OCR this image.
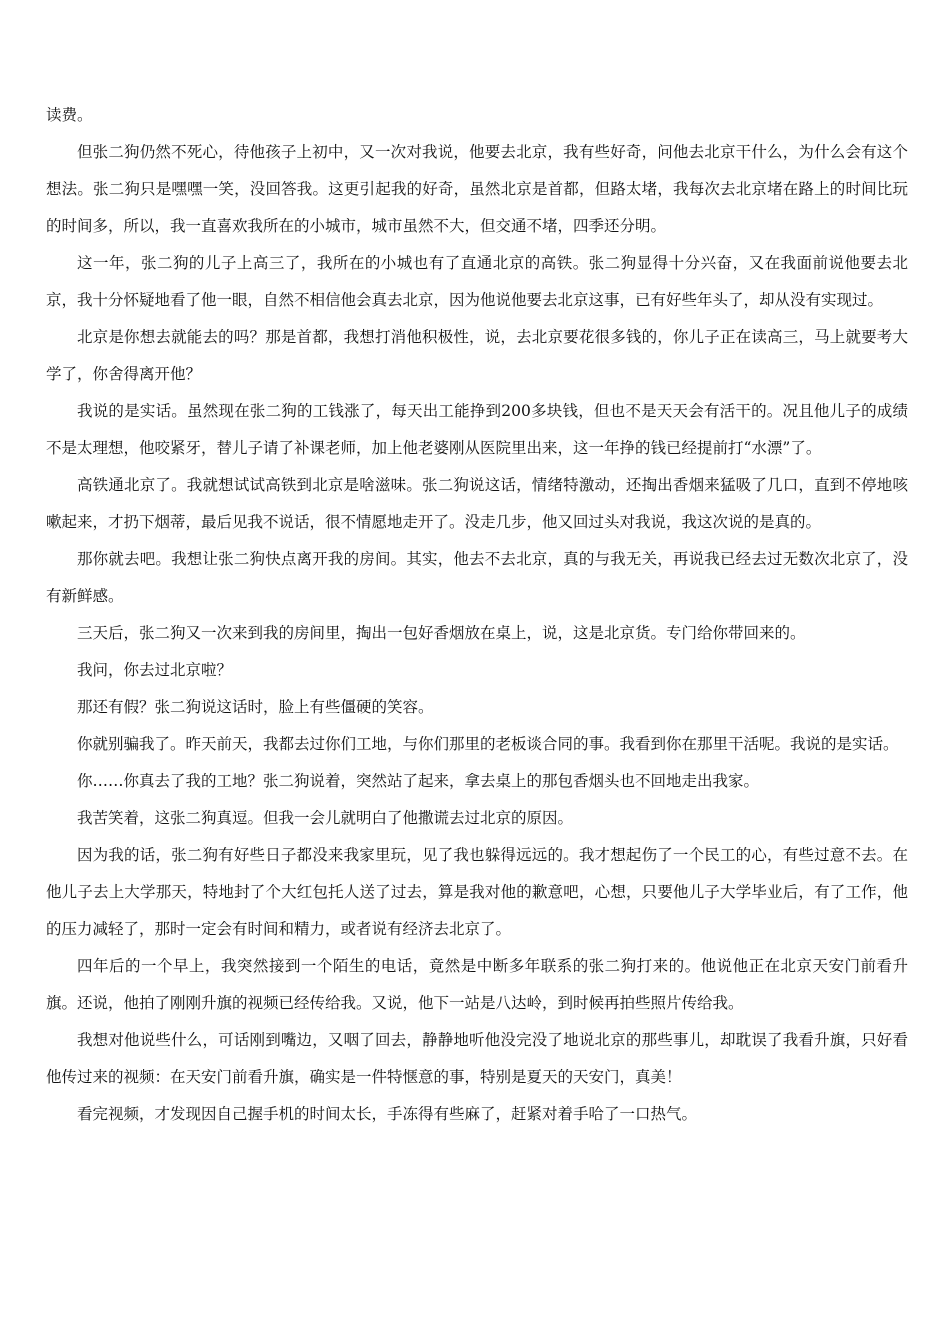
读费。

但张二狗仍然不死心，待他孩子上初中，又一次对我说，他要去北京，我有些好奇，问他去北京干什么，为什么会有这个想法。张二狗只是嘿嘿一笑，没回答我。这更引起我的好奇，虽然北京是首都，但路太堵，我每次去北京堵在路上的时间比玩的时间多，所以，我一直喜欢我所在的小城市，城市虽然不大，但交通不堵，四季还分明。

这一年，张二狗的儿子上高三了，我所在的小城也有了直通北京的高铁。张二狗显得十分兴奋，又在我面前说他要去北京，我十分怀疑地看了他一眼，自然不相信他会真去北京，因为他说他要去北京这事，已有好些年头了，却从没有实现过。

北京是你想去就能去的吗？那是首都，我想打消他积极性，说，去北京要花很多钱的，你儿子正在读高三，马上就要考大学了，你舍得离开他？

我说的是实话。虽然现在张二狗的工钱涨了，每天出工能挣到200多块钱，但也不是天天会有活干的。况且他儿子的成绩不是太理想，他咬紧牙，替儿子请了补课老师，加上他老婆刚从医院里出来，这一年挣的钱已经提前打“水漂”了。

高铁通北京了。我就想试试高铁到北京是啥滋味。张二狗说这话，情绪特激动，还掏出香烟来猛吸了几口，直到不停地咳嗽起来，才扔下烟蒂，最后见我不说话，很不情愿地走开了。没走几步，他又回过头对我说，我这次说的是真的。

那你就去吧。我想让张二狗快点离开我的房间。其实，他去不去北京，真的与我无关，再说我已经去过无数次北京了，没有新鲜感。

三天后，张二狗又一次来到我的房间里，掏出一包好香烟放在桌上，说，这是北京货。专门给你带回来的。

我问，你去过北京啦？

那还有假？张二狗说这话时，脸上有些僵硬的笑容。

你就别骗我了。昨天前天，我都去过你们工地，与你们那里的老板谈合同的事。我看到你在那里干活呢。我说的是实话。

你……你真去了我的工地？张二狗说着，突然站了起来，拿去桌上的那包香烟头也不回地走出我家。

我苦笑着，这张二狗真逗。但我一会儿就明白了他撒谎去过北京的原因。

因为我的话，张二狗有好些日子都没来我家里玩，见了我也躲得远远的。我才想起伤了一个民工的心，有些过意不去。在他儿子去上大学那天，特地封了个大红包托人送了过去，算是我对他的歉意吧，心想，只要他儿子大学毕业后，有了工作，他的压力减轻了，那时一定会有时间和精力，或者说有经济去北京了。

四年后的一个早上，我突然接到一个陌生的电话，竟然是中断多年联系的张二狗打来的。他说他正在北京天安门前看升旗。还说，他拍了刚刚升旗的视频已经传给我。又说，他下一站是八达岭，到时候再拍些照片传给我。

我想对他说些什么，可话刚到嘴边，又咽了回去，静静地听他没完没了地说北京的那些事儿，却耽误了我看升旗，只好看他传过来的视频：在天安门前看升旗，确实是一件特惬意的事，特别是夏天的天安门，真美！

看完视频，才发现因自己握手机的时间太长，手冻得有些麻了，赶紧对着手哈了一口热气。
